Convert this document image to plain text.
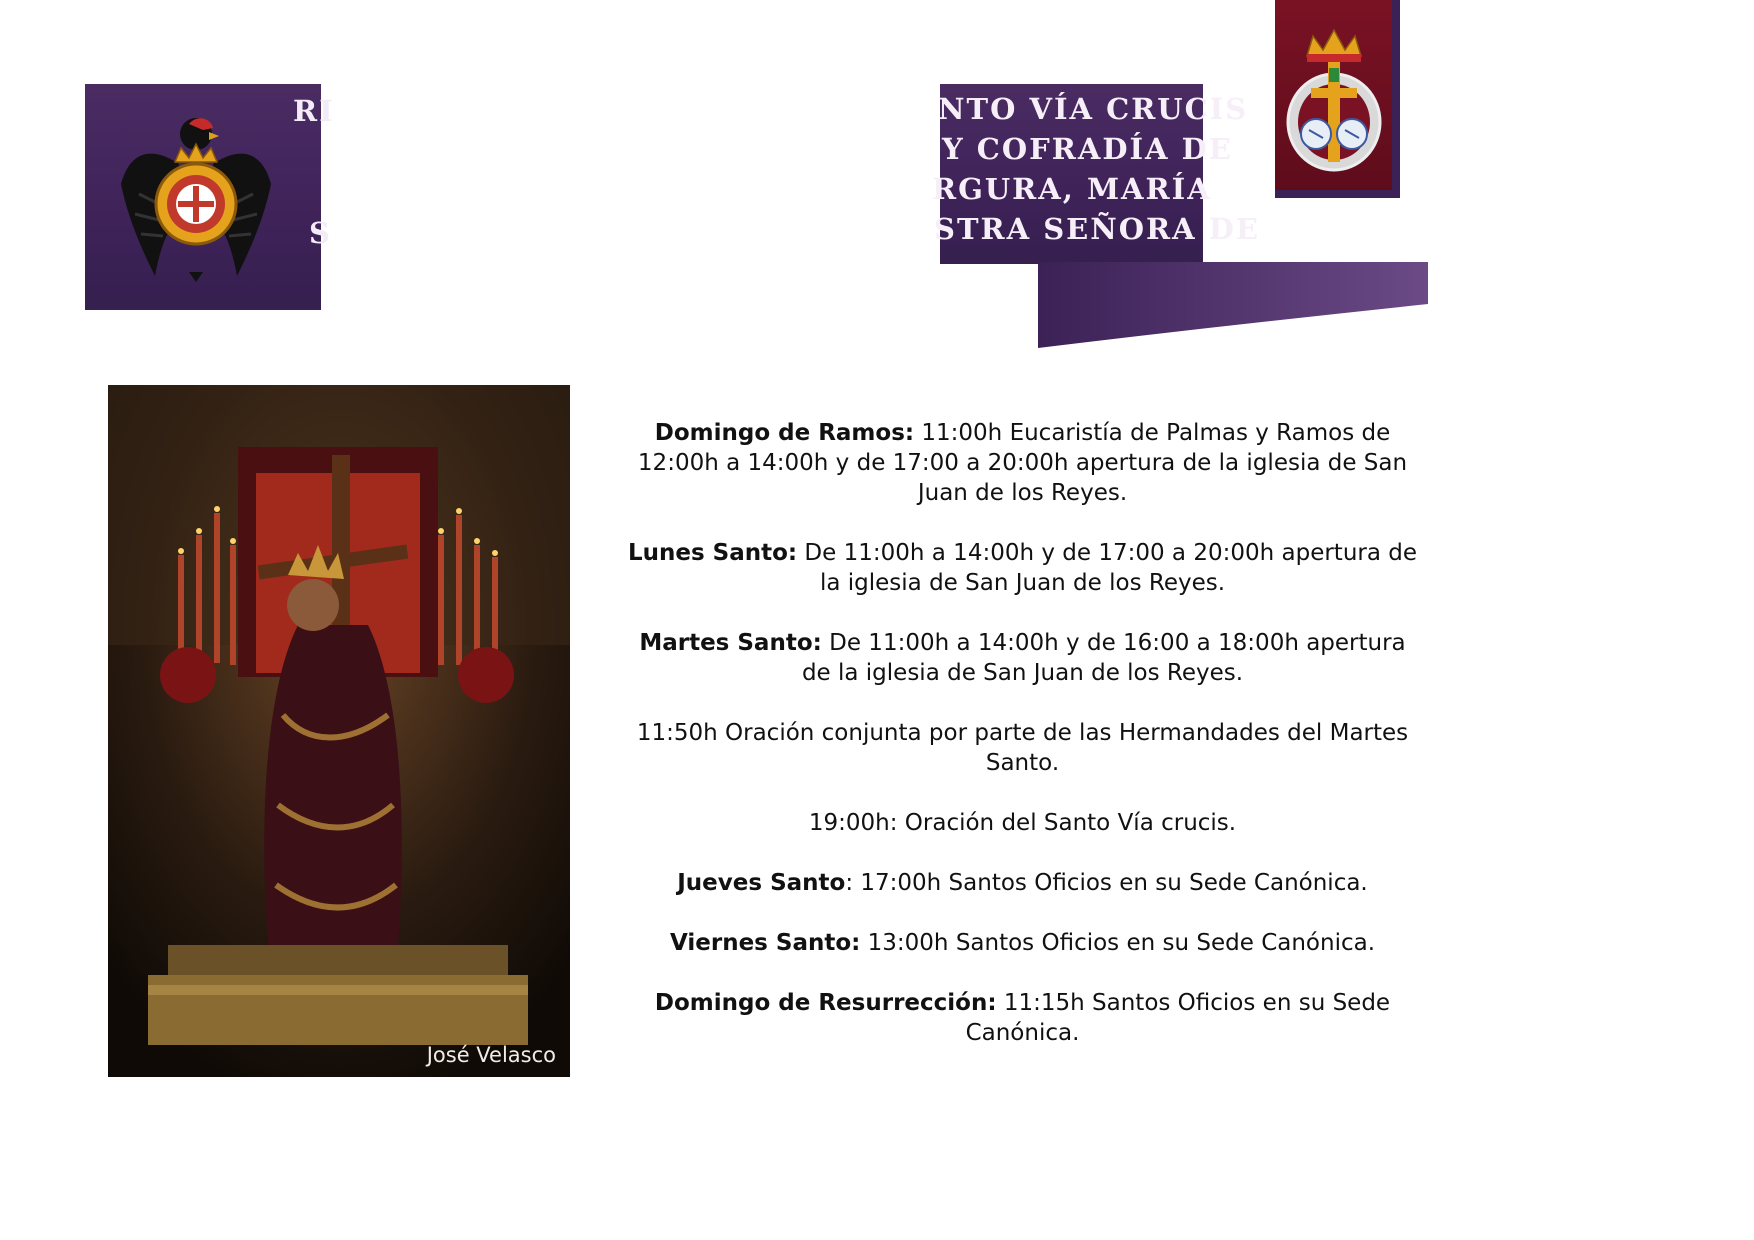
RI
S
NTO VÍA CRUCIS
Y COFRADÍA DE
RGURA, MARÍA
STRA SEÑORA DE
José Velasco

Domingo de Ramos: 11:00h Eucaristía de Palmas y Ramos de 12:00h a 14:00h y de 17:00 a 20:00h apertura de la iglesia de San Juan de los Reyes.

Lunes Santo: De 11:00h a 14:00h y de 17:00 a 20:00h apertura de la iglesia de San Juan de los Reyes.

Martes Santo: De 11:00h a 14:00h y de 16:00 a 18:00h apertura de la iglesia de San Juan de los Reyes.

11:50h Oración conjunta por parte de las Hermandades del Martes Santo.

19:00h: Oración del Santo Vía crucis.

Jueves Santo: 17:00h Santos Oficios en su Sede Canónica.

Viernes Santo: 13:00h Santos Oficios en su Sede Canónica.

Domingo de Resurrección: 11:15h Santos Oficios en su Sede Canónica.
